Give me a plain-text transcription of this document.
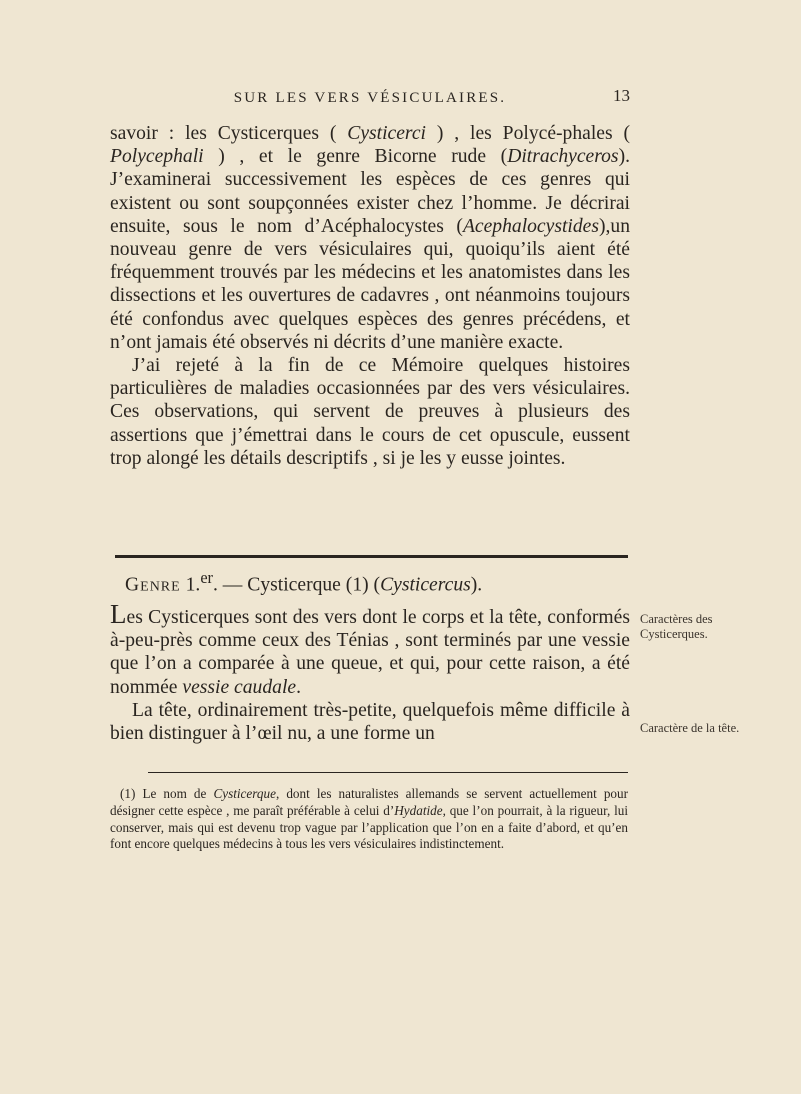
SUR LES VERS VÉSICULAIRES.	13

savoir : les Cysticerques ( Cysticerci ) , les Polycé-phales ( Polycephali ) , et le genre Bicorne rude (Ditrachyceros). J’examinerai successivement les espèces de ces genres qui existent ou sont soupçonnées exister chez l’homme. Je décrirai ensuite, sous le nom d’Acéphalocystes (Acephalocystides),un nouveau genre de vers vésiculaires qui, quoiqu’ils aient été fréquemment trouvés par les médecins et les anatomistes dans les dissections et les ouvertures de cadavres , ont néanmoins toujours été confondus avec quelques espèces des genres précédens, et n’ont jamais été observés ni décrits d’une manière exacte.

J’ai rejeté à la fin de ce Mémoire quelques histoires particulières de maladies occasionnées par des vers vésiculaires. Ces observations, qui servent de preuves à plusieurs des assertions que j’émettrai dans le cours de cet opuscule, eussent trop alongé les détails descriptifs , si je les y eusse jointes.

Genre 1.$^{er}$. — Cysticerque (1) (Cysticercus).

Les Cysticerques sont des vers dont le corps et la tête, conformés à-peu-près comme ceux des Ténias , sont terminés par une vessie que l’on a comparée à une queue, et qui, pour cette raison, a été nommée vessie caudale.

La tête, ordinairement très-petite, quelquefois même difficile à bien distinguer à l’œil nu, a une forme un

Caractères des Cysticerques.
Caractère de la tête.

(1) Le nom de Cysticerque, dont les naturalistes allemands se servent actuellement pour désigner cette espèce , me paraît préférable à celui d’Hydatide, que l’on pourrait, à la rigueur, lui conserver, mais qui est devenu trop vague par l’application que l’on en a faite d’abord, et qu’en font encore quelques médecins à tous les vers vésiculaires indistinctement.
